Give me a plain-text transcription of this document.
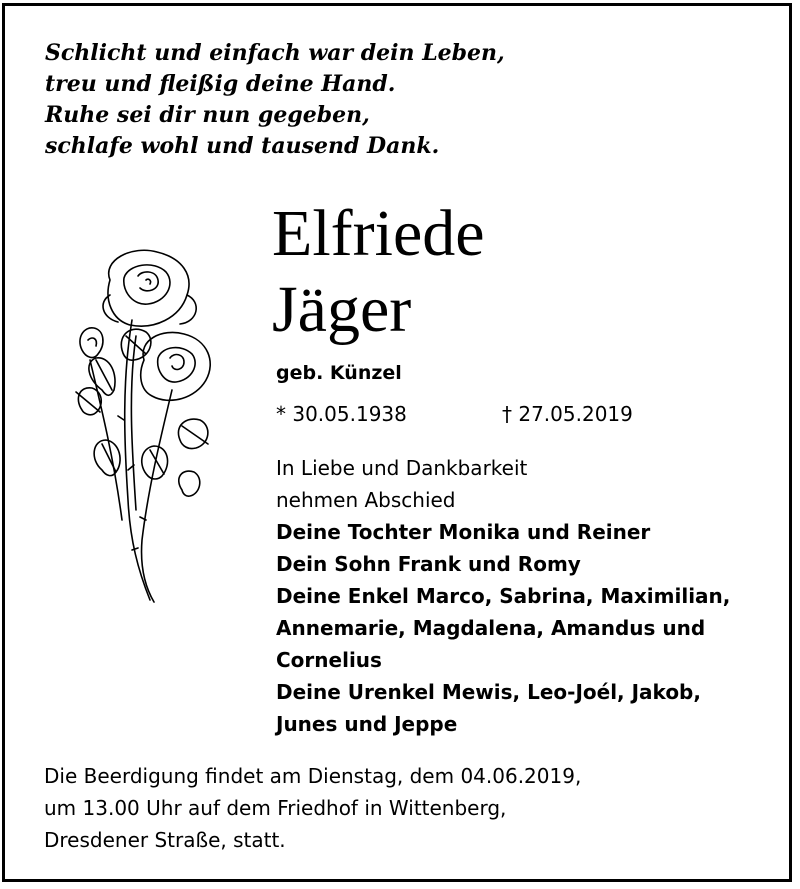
Schlicht und einfach war dein Leben,
treu und fleißig deine Hand.
Ruhe sei dir nun gegeben,
schlafe wohl und tausend Dank.
Elfriede
Jäger
geb. Künzel
* 30.05.1938	† 27.05.2019
In Liebe und Dankbarkeit
nehmen Abschied
Deine Tochter Monika und Reiner
Dein Sohn Frank und Romy
Deine Enkel Marco, Sabrina, Maximilian,
Annemarie, Magdalena, Amandus und
Cornelius
Deine Urenkel Mewis, Leo-Joél, Jakob,
Junes und Jeppe
Die Beerdigung findet am Dienstag, dem 04.06.2019,
um 13.00 Uhr auf dem Friedhof in Wittenberg,
Dresdener Straße, statt.
